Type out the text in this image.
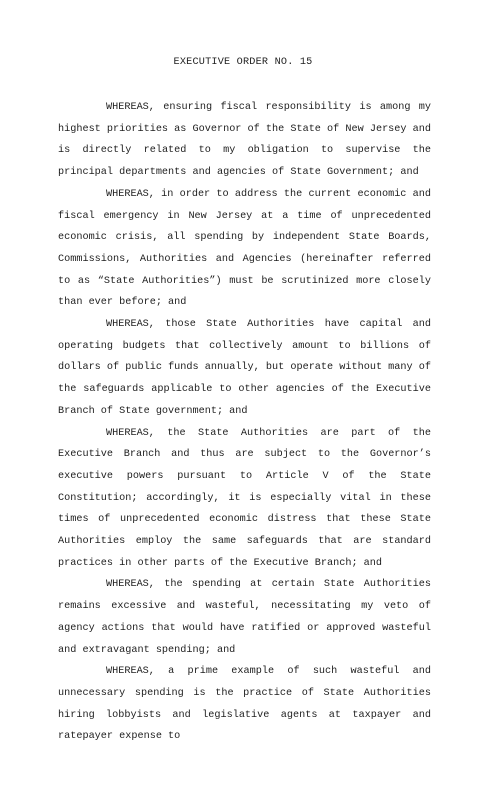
EXECUTIVE ORDER NO. 15

WHEREAS, ensuring fiscal responsibility is among my highest priorities as Governor of the State of New Jersey and is directly related to my obligation to supervise the principal departments and agencies of State Government; and

WHEREAS, in order to address the current economic and fiscal emergency in New Jersey at a time of unprecedented economic crisis, all spending by independent State Boards, Commissions, Authorities and Agencies (hereinafter referred to as “State Authorities”) must be scrutinized more closely than ever before; and

WHEREAS, those State Authorities have capital and operating budgets that collectively amount to billions of dollars of public funds annually, but operate without many of the safeguards applicable to other agencies of the Executive Branch of State government; and

WHEREAS, the State Authorities are part of the Executive Branch and thus are subject to the Governor’s executive powers pursuant to Article V of the State Constitution; accordingly, it is especially vital in these times of unprecedented economic distress that these State Authorities employ the same safeguards that are standard practices in other parts of the Executive Branch; and

WHEREAS, the spending at certain State Authorities remains excessive and wasteful, necessitating my veto of agency actions that would have ratified or approved wasteful and extravagant spending; and

WHEREAS, a prime example of such wasteful and unnecessary spending is the practice of State Authorities hiring lobbyists and legislative agents at taxpayer and ratepayer expense to
